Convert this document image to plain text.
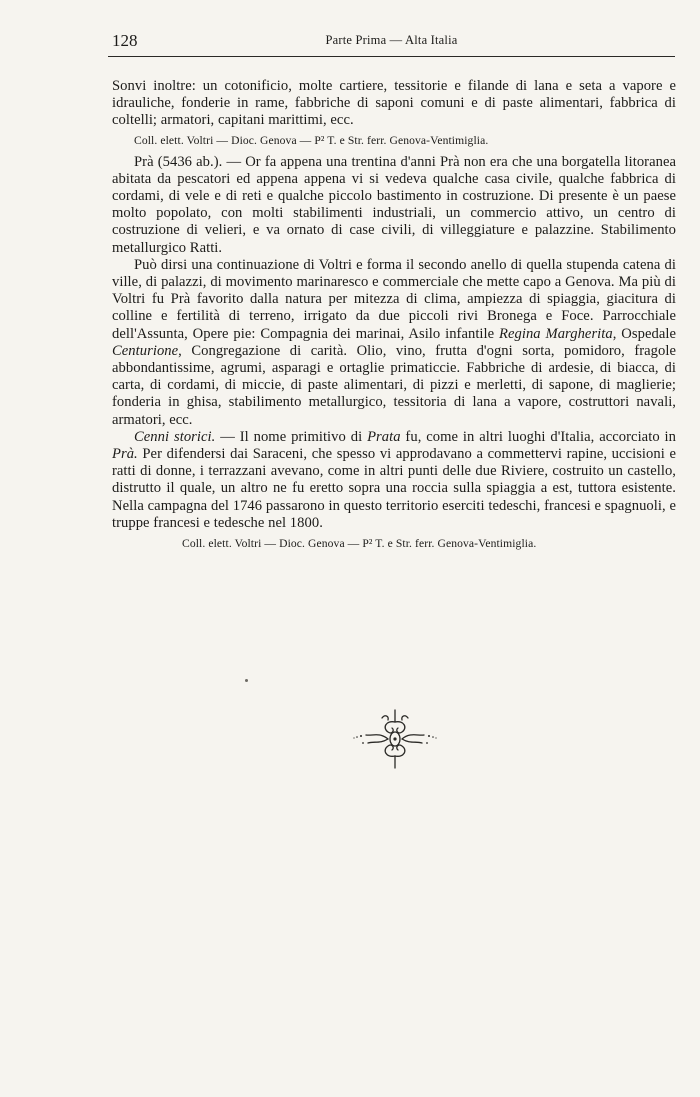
128	Parte Prima — Alta Italia

Sonvi inoltre: un cotonificio, molte cartiere, tessitorie e filande di lana e seta a vapore e idrauliche, fonderie in rame, fabbriche di saponi comuni e di paste alimentari, fabbrica di coltelli; armatori, capitani marittimi, ecc.

Coll. elett. Voltri — Dioc. Genova — P² T. e Str. ferr. Genova-Ventimiglia.

Prà (5436 ab.). — Or fa appena una trentina d'anni Prà non era che una borgatella litoranea abitata da pescatori ed appena appena vi si vedeva qualche casa civile, qualche fabbrica di cordami, di vele e di reti e qualche piccolo bastimento in costruzione. Di presente è un paese molto popolato, con molti stabilimenti industriali, un commercio attivo, un centro di costruzione di velieri, e va ornato di case civili, di villeggiature e palazzine. Stabilimento metallurgico Ratti.

Può dirsi una continuazione di Voltri e forma il secondo anello di quella stupenda catena di ville, di palazzi, di movimento marinaresco e commerciale che mette capo a Genova. Ma più di Voltri fu Prà favorito dalla natura per mitezza di clima, ampiezza di spiaggia, giacitura di colline e fertilità di terreno, irrigato da due piccoli rivi Bronega e Foce. Parrocchiale dell'Assunta, Opere pie: Compagnia dei marinai, Asilo infantile Regina Margherita, Ospedale Centurione, Congregazione di carità. Olio, vino, frutta d'ogni sorta, pomidoro, fragole abbondantissime, agrumi, asparagi e ortaglie primaticcie. Fabbriche di ardesie, di biacca, di carta, di cordami, di miccie, di paste alimentari, di pizzi e merletti, di sapone, di maglierie; fonderia in ghisa, stabilimento metallurgico, tessitoria di lana a vapore, costruttori navali, armatori, ecc.

Cenni storici. — Il nome primitivo di Prata fu, come in altri luoghi d'Italia, accorciato in Prà. Per difendersi dai Saraceni, che spesso vi approdavano a commettervi rapine, uccisioni e ratti di donne, i terrazzani avevano, come in altri punti delle due Riviere, costruito un castello, distrutto il quale, un altro ne fu eretto sopra una roccia sulla spiaggia a est, tuttora esistente. Nella campagna del 1746 passarono in questo territorio eserciti tedeschi, francesi e spagnuoli, e truppe francesi e tedesche nel 1800.

Coll. elett. Voltri — Dioc. Genova — P² T. e Str. ferr. Genova-Ventimiglia.
